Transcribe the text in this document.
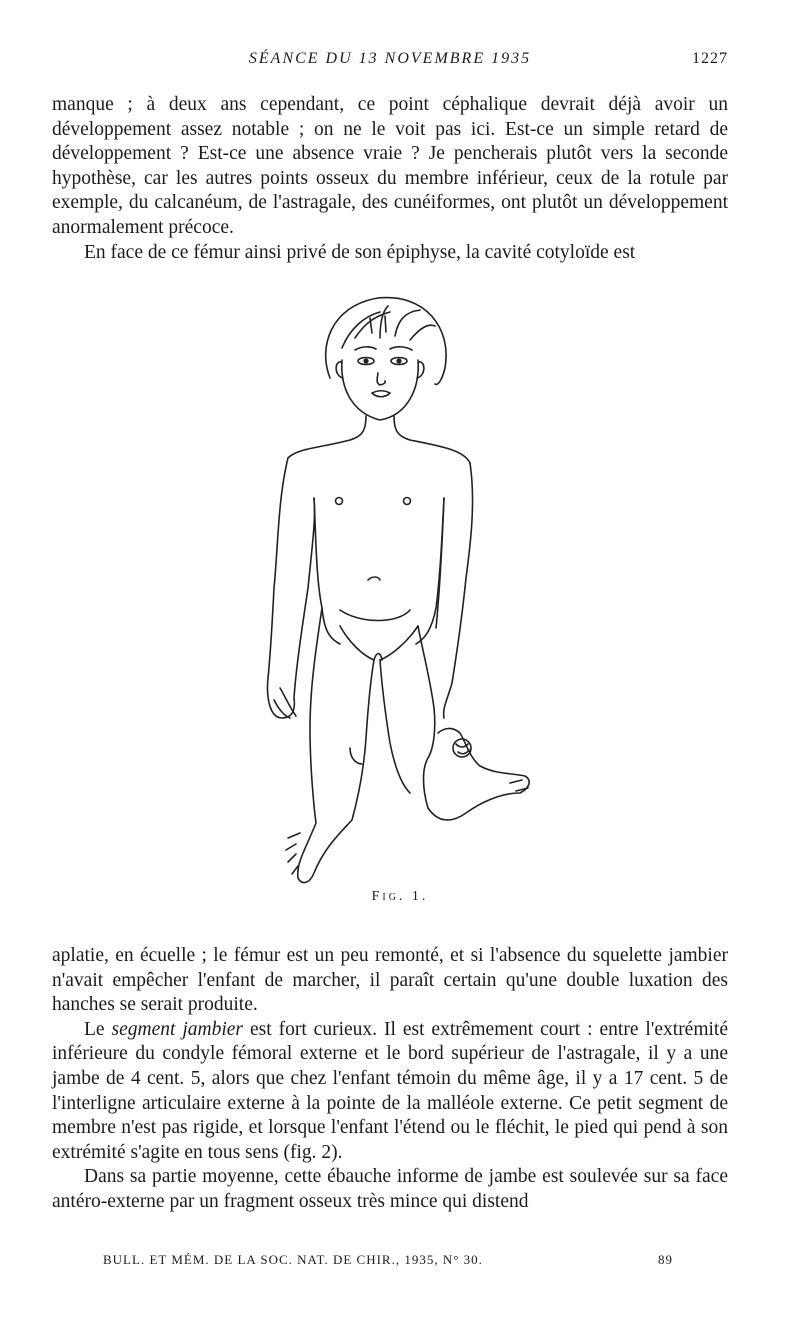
SÉANCE DU 13 NOVEMBRE 1935	1227

manque ; à deux ans cependant, ce point céphalique devrait déjà avoir un développement assez notable ; on ne le voit pas ici. Est-ce un simple retard de développement ? Est-ce une absence vraie ? Je pencherais plutôt vers la seconde hypothèse, car les autres points osseux du membre inférieur, ceux de la rotule par exemple, du calcanéum, de l'astragale, des cunéiformes, ont plutôt un développement anormalement précoce.

En face de ce fémur ainsi privé de son épiphyse, la cavité cotyloïde est

Fig. 1.

aplatie, en écuelle ; le fémur est un peu remonté, et si l'absence du squelette jambier n'avait empêcher l'enfant de marcher, il paraît certain qu'une double luxation des hanches se serait produite.

Le segment jambier est fort curieux. Il est extrêmement court : entre l'extrémité inférieure du condyle fémoral externe et le bord supérieur de l'astragale, il y a une jambe de 4 cent. 5, alors que chez l'enfant témoin du même âge, il y a 17 cent. 5 de l'interligne articulaire externe à la pointe de la malléole externe. Ce petit segment de membre n'est pas rigide, et lorsque l'enfant l'étend ou le fléchit, le pied qui pend à son extrémité s'agite en tous sens (fig. 2).

Dans sa partie moyenne, cette ébauche informe de jambe est soulevée sur sa face antéro-externe par un fragment osseux très mince qui distend

BULL. ET MÉM. DE LA SOC. NAT. DE CHIR., 1935, N° 30.	89
